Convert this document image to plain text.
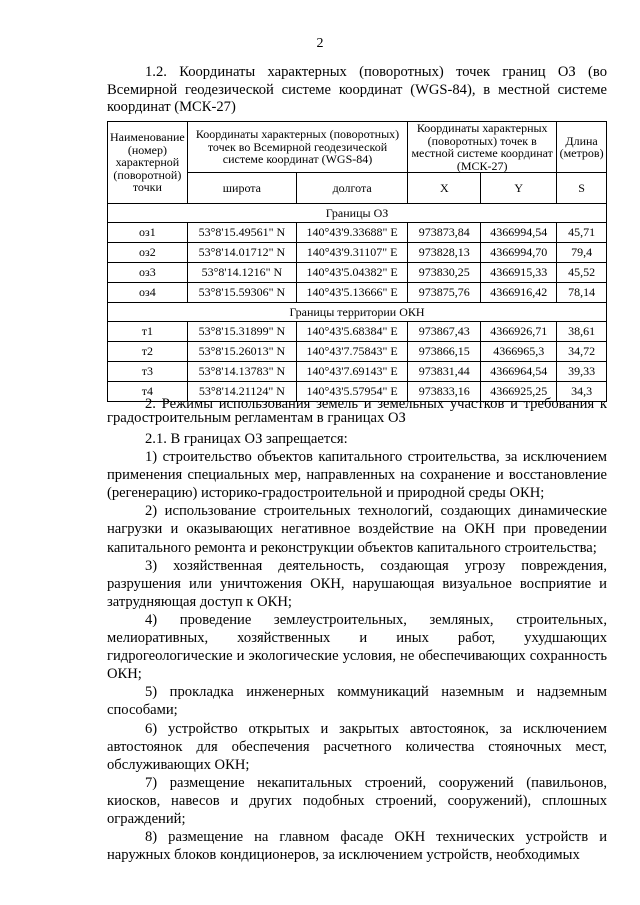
2
1.2. Координаты характерных (поворотных) точек границ ОЗ (во Всемирной геодезической системе координат (WGS-84), в местной системе координат (МСК-27)
Наименование (номер) характерной (поворотной) точки	Координаты характерных (поворотных) точек во Всемирной геодезической системе координат (WGS-84)		Координаты характерных (поворотных) точек в местной системе координат (МСК-27)		Длина (метров)
	широта	долгота	X	Y	S
Границы ОЗ					
оз1	53°8'15.49561" N	140°43'9.33688" E	973873,84	4366994,54	45,71
оз2	53°8'14.01712" N	140°43'9.31107" E	973828,13	4366994,70	79,4
оз3	53°8'14.1216" N	140°43'5.04382" E	973830,25	4366915,33	45,52
оз4	53°8'15.59306" N	140°43'5.13666" E	973875,76	4366916,42	78,14
Границы территории ОКН					
т1	53°8'15.31899" N	140°43'5.68384" E	973867,43	4366926,71	38,61
т2	53°8'15.26013" N	140°43'7.75843" E	973866,15	4366965,3	34,72
т3	53°8'14.13783" N	140°43'7.69143" E	973831,44	4366964,54	39,33
т4	53°8'14.21124" N	140°43'5.57954" E	973833,16	4366925,25	34,3
2. Режимы использования земель и земельных участков и требования к градостроительным регламентам в границах ОЗ

2.1. В границах ОЗ запрещается:

1) строительство объектов капитального строительства, за исключением применения специальных мер, направленных на сохранение и восстановление (регенерацию) историко-градостроительной и природной среды ОКН;

2) использование строительных технологий, создающих динамические нагрузки и оказывающих негативное воздействие на ОКН при проведении капитального ремонта и реконструкции объектов капитального строительства;

3) хозяйственная деятельность, создающая угрозу повреждения, разрушения или уничтожения ОКН, нарушающая визуальное восприятие и затрудняющая доступ к ОКН;

4) проведение землеустроительных, земляных, строительных, мелиоративных, хозяйственных и иных работ, ухудшающих гидрогеологические и экологические условия, не обеспечивающих сохранность ОКН;

5) прокладка инженерных коммуникаций наземным и надземным способами;

6) устройство открытых и закрытых автостоянок, за исключением автостоянок для обеспечения расчетного количества стояночных мест, обслуживающих ОКН;

7) размещение некапитальных строений, сооружений (павильонов, киосков, навесов и других подобных строений, сооружений), сплошных ограждений;

8) размещение на главном фасаде ОКН технических устройств и наружных блоков кондиционеров, за исключением устройств, необходимых
